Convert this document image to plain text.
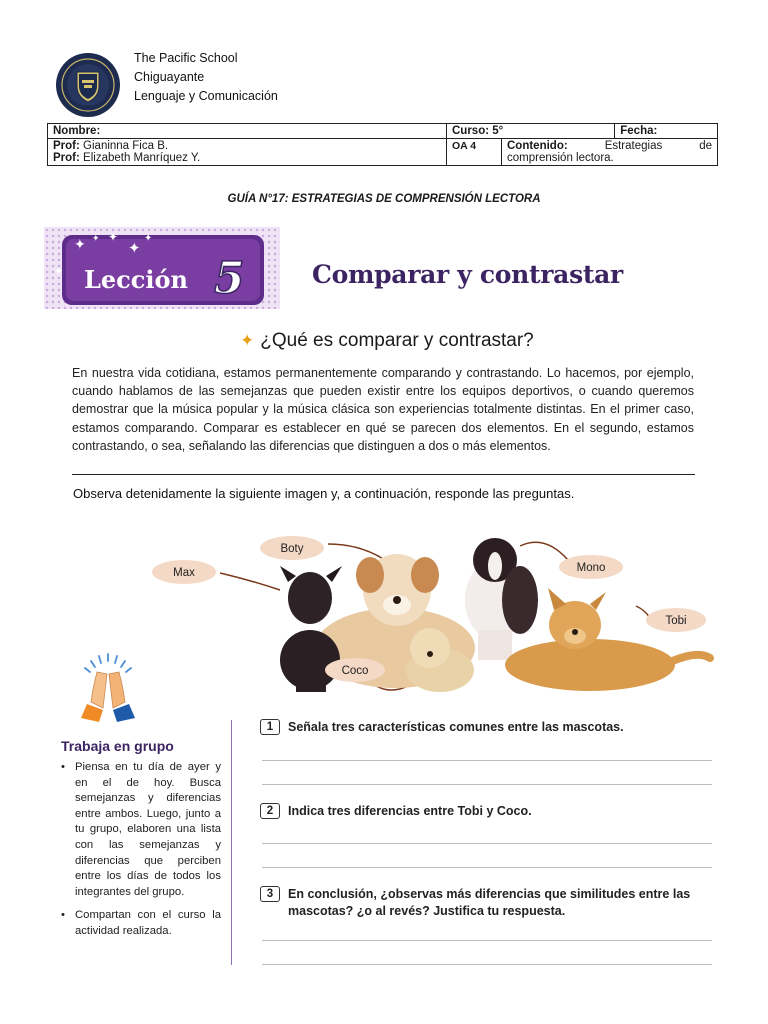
The Pacific School
Chiguayante
Lenguaje y Comunicación
Nombre:	Curso: 5°		Fecha:

Prof: Gianinna Fica B.
Prof: Elizabeth Manríquez Y.	OA 4	Contenido: Estrategias de comprensión lectora.	
GUÍA N°17: ESTRATEGIAS DE COMPRENSIÓN LECTORA
✦ ✦ ✦
✦
✦
✦ Lección 5	Comparar y contrastar
✦ ¿Qué es comparar y contrastar?
En nuestra vida cotidiana, estamos permanentemente comparando y contrastando. Lo hacemos, por ejemplo, cuando hablamos de las semejanzas que pueden existir entre los equipos deportivos, o cuando queremos demostrar que la música popular y la música clásica son experiencias totalmente distintas. En el primer caso, estamos comparando. Comparar es establecer en qué se parecen dos elementos. En el segundo, estamos contrastando, o sea, señalando las diferencias que distinguen a dos o más elementos.
Observa detenidamente la siguiente imagen y, a continuación, responde las preguntas.
Max
Boty
Coco
Mono
Tobi
Trabaja en grupo
• Piensa en tu día de ayer y en el de hoy. Busca semejanzas y diferencias entre ambos. Luego, junto a tu grupo, elaboren una lista con las semejanzas y diferencias que perciben entre los días de todos los integrantes del grupo.
• Compartan con el curso la actividad realizada.
1	Señala tres características comunes entre las mascotas.
2	Indica tres diferencias entre Tobi y Coco.
3	En conclusión, ¿observas más diferencias que similitudes entre las mascotas? ¿o al revés? Justifica tu respuesta.
